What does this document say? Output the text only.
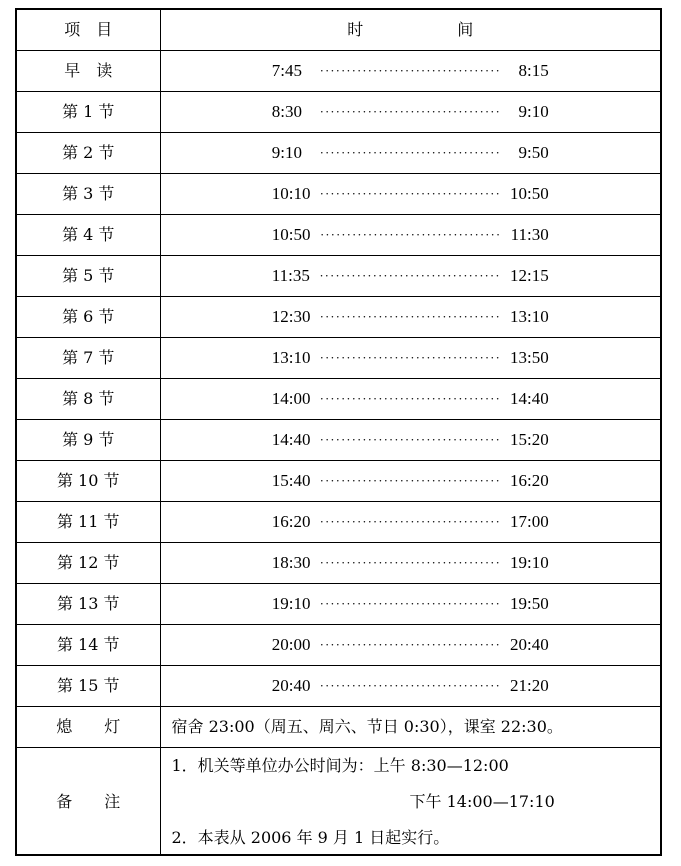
项　目	时 间
早　读	7:45 ·································· 8:15

第 1 节	8:30 ·································· 9:10

第 2 节	9:10 ·································· 9:50

第 3 节	10:10 ·································· 10:50

第 4 节	10:50 ·································· 11:30

第 5 节	11:35 ·································· 12:15

第 6 节	12:30 ·································· 13:10

第 7 节	13:10 ·································· 13:50

第 8 节	14:00 ·································· 14:40

第 9 节	14:40 ·································· 15:20

第 10 节	15:40 ·································· 16:20

第 11 节	16:20 ·································· 17:00

第 12 节	18:30 ·································· 19:10

第 13 节	19:10 ·································· 19:50

第 14 节	20:00 ·································· 20:40

第 15 节	20:40 ·································· 21:20

熄　　灯	宿舍 23:00（周五、周六、节日 0:30），课室 22:30。
备　　注	1．机关等单位办公时间为：上午 8:30—12:00
下午 14:00—17:10
2．本表从 2006 年 9 月 1 日起实行。
